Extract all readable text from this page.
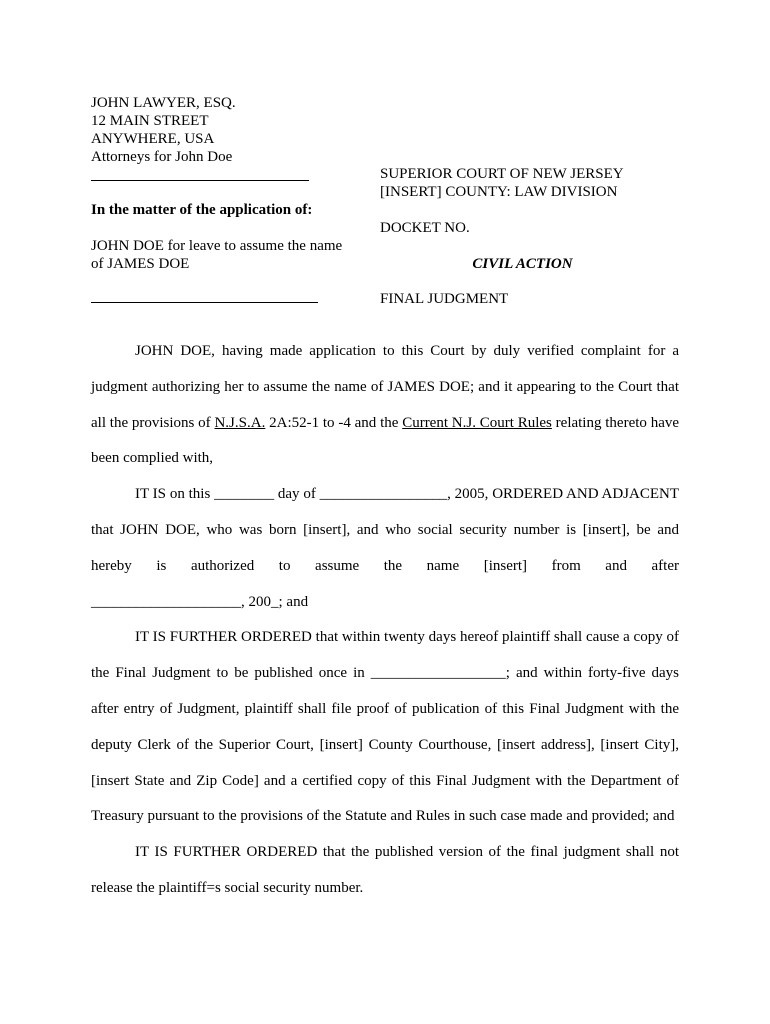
JOHN LAWYER, ESQ.
12 MAIN STREET
ANYWHERE, USA
Attorneys for John Doe
In the matter of the application of:
JOHN DOE for leave to assume the name
of JAMES DOE
SUPERIOR COURT OF NEW JERSEY
[INSERT] COUNTY: LAW DIVISION
DOCKET NO.
CIVIL ACTION
FINAL JUDGMENT

JOHN DOE, having made application to this Court by duly verified complaint for a judgment authorizing her to assume the name of JAMES DOE; and it appearing to the Court that all the provisions of N.J.S.A. 2A:52-1 to -4 and the Current N.J. Court Rules relating thereto have been complied with,

IT IS on this ________ day of _________________, 2005, ORDERED AND ADJACENT that JOHN DOE, who was born [insert], and who social security number is [insert], be and hereby is authorized to assume the name [insert] from and after

____________________, 200_; and

IT IS FURTHER ORDERED that within twenty days hereof plaintiff shall cause a copy of the Final Judgment to be published once in __________________; and within forty-five days after entry of Judgment, plaintiff shall file proof of publication of this Final Judgment with the deputy Clerk of the Superior Court, [insert] County Courthouse, [insert address], [insert City], [insert State and Zip Code] and a certified copy of this Final Judgment with the Department of Treasury pursuant to the provisions of the Statute and Rules in such case made and provided; and

IT IS FURTHER ORDERED that the published version of the final judgment shall not release the plaintiff=s social security number.
